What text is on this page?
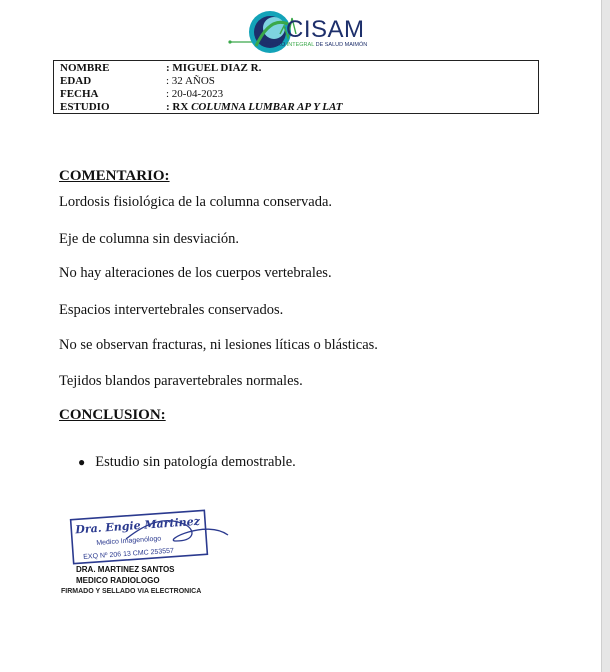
CISAM
CENTRO INTEGRAL DE SALUD MAIMÓN
NOMBRE	: MIGUEL DIAZ R.
EDAD	: 32 AÑOS
FECHA	: 20-04-2023
ESTUDIO	: RX COLUMNA LUMBAR AP Y LAT
COMENTARIO:
Lordosis fisiológica de la columna conservada.
Eje de columna sin desviación.
No hay alteraciones de los cuerpos vertebrales.
Espacios intervertebrales conservados.
No se observan fracturas, ni lesiones líticas o blásticas.
Tejidos blandos paravertebrales normales.
CONCLUSION:
● Estudio sin patología demostrable.
Dra. Engie Martinez
Medico Imagenólogo
EXQ Nº 206 13 CMC 253557
DRA. MARTINEZ SANTOS
MEDICO RADIOLOGO
FIRMADO Y SELLADO VIA ELECTRONICA
